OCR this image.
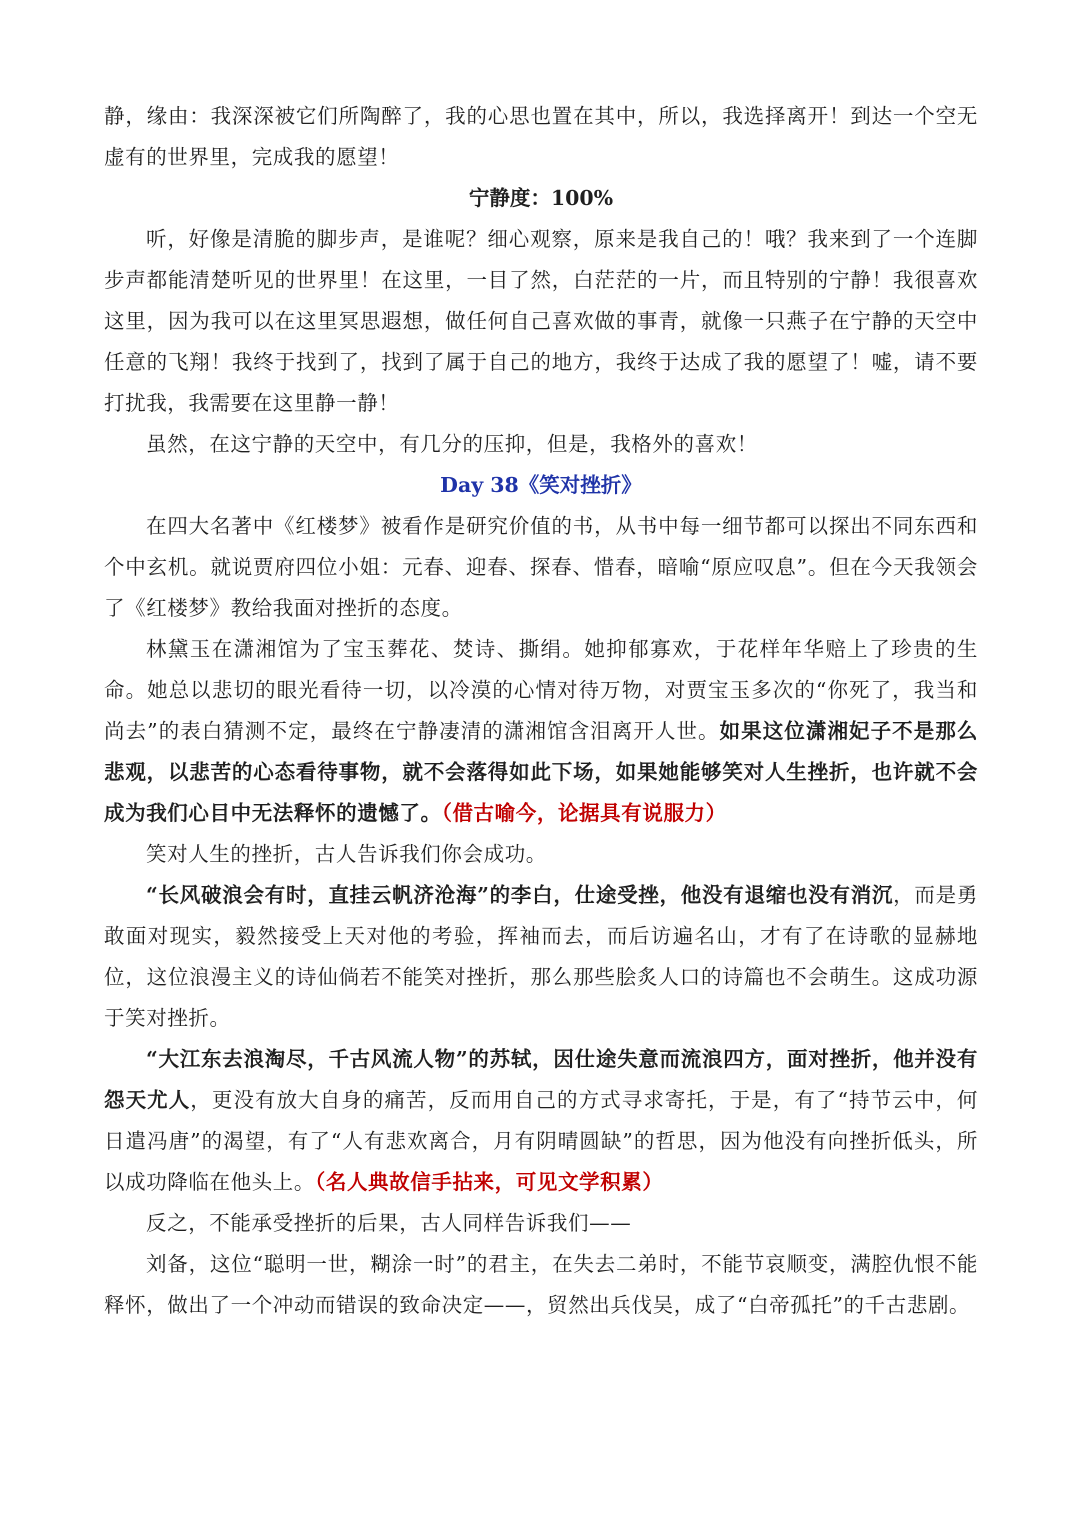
静，缘由：我深深被它们所陶醉了，我的心思也置在其中，所以，我选择离开！到达一个空无虚有的世界里，完成我的愿望！

宁静度：100%

听，好像是清脆的脚步声，是谁呢？细心观察，原来是我自己的！哦？我来到了一个连脚步声都能清楚听见的世界里！在这里，一目了然，白茫茫的一片，而且特别的宁静！我很喜欢这里，因为我可以在这里冥思遐想，做任何自己喜欢做的事青，就像一只燕子在宁静的天空中任意的飞翔！我终于找到了，找到了属于自己的地方，我终于达成了我的愿望了！嘘，请不要打扰我，我需要在这里静一静！

虽然，在这宁静的天空中，有几分的压抑，但是，我格外的喜欢！

Day 38《笑对挫折》

在四大名著中《红楼梦》被看作是研究价值的书，从书中每一细节都可以探出不同东西和个中玄机。就说贾府四位小姐：元春、迎春、探春、惜春，暗喻“原应叹息”。但在今天我领会了《红楼梦》教给我面对挫折的态度。

林黛玉在潇湘馆为了宝玉葬花、焚诗、撕绢。她抑郁寡欢，于花样年华赔上了珍贵的生命。她总以悲切的眼光看待一切，以冷漠的心情对待万物，对贾宝玉多次的“你死了，我当和尚去”的表白猜测不定，最终在宁静凄清的潇湘馆含泪离开人世。如果这位潇湘妃子不是那么悲观，以悲苦的心态看待事物，就不会落得如此下场，如果她能够笑对人生挫折，也许就不会成为我们心目中无法释怀的遗憾了。（借古喻今，论据具有说服力）

笑对人生的挫折，古人告诉我们你会成功。

“长风破浪会有时，直挂云帆济沧海”的李白，仕途受挫，他没有退缩也没有消沉，而是勇敢面对现实，毅然接受上天对他的考验，挥袖而去，而后访遍名山，才有了在诗歌的显赫地位，这位浪漫主义的诗仙倘若不能笑对挫折，那么那些脍炙人口的诗篇也不会萌生。这成功源于笑对挫折。

“大江东去浪淘尽，千古风流人物”的苏轼，因仕途失意而流浪四方，面对挫折，他并没有怨天尤人，更没有放大自身的痛苦，反而用自己的方式寻求寄托，于是，有了“持节云中，何日遣冯唐”的渴望，有了“人有悲欢离合，月有阴晴圆缺”的哲思，因为他没有向挫折低头，所以成功降临在他头上。（名人典故信手拈来，可见文学积累）

反之，不能承受挫折的后果，古人同样告诉我们——

刘备，这位“聪明一世，糊涂一时”的君主，在失去二弟时，不能节哀顺变，满腔仇恨不能释怀，做出了一个冲动而错误的致命决定——，贸然出兵伐吴，成了“白帝孤托”的千古悲剧。
